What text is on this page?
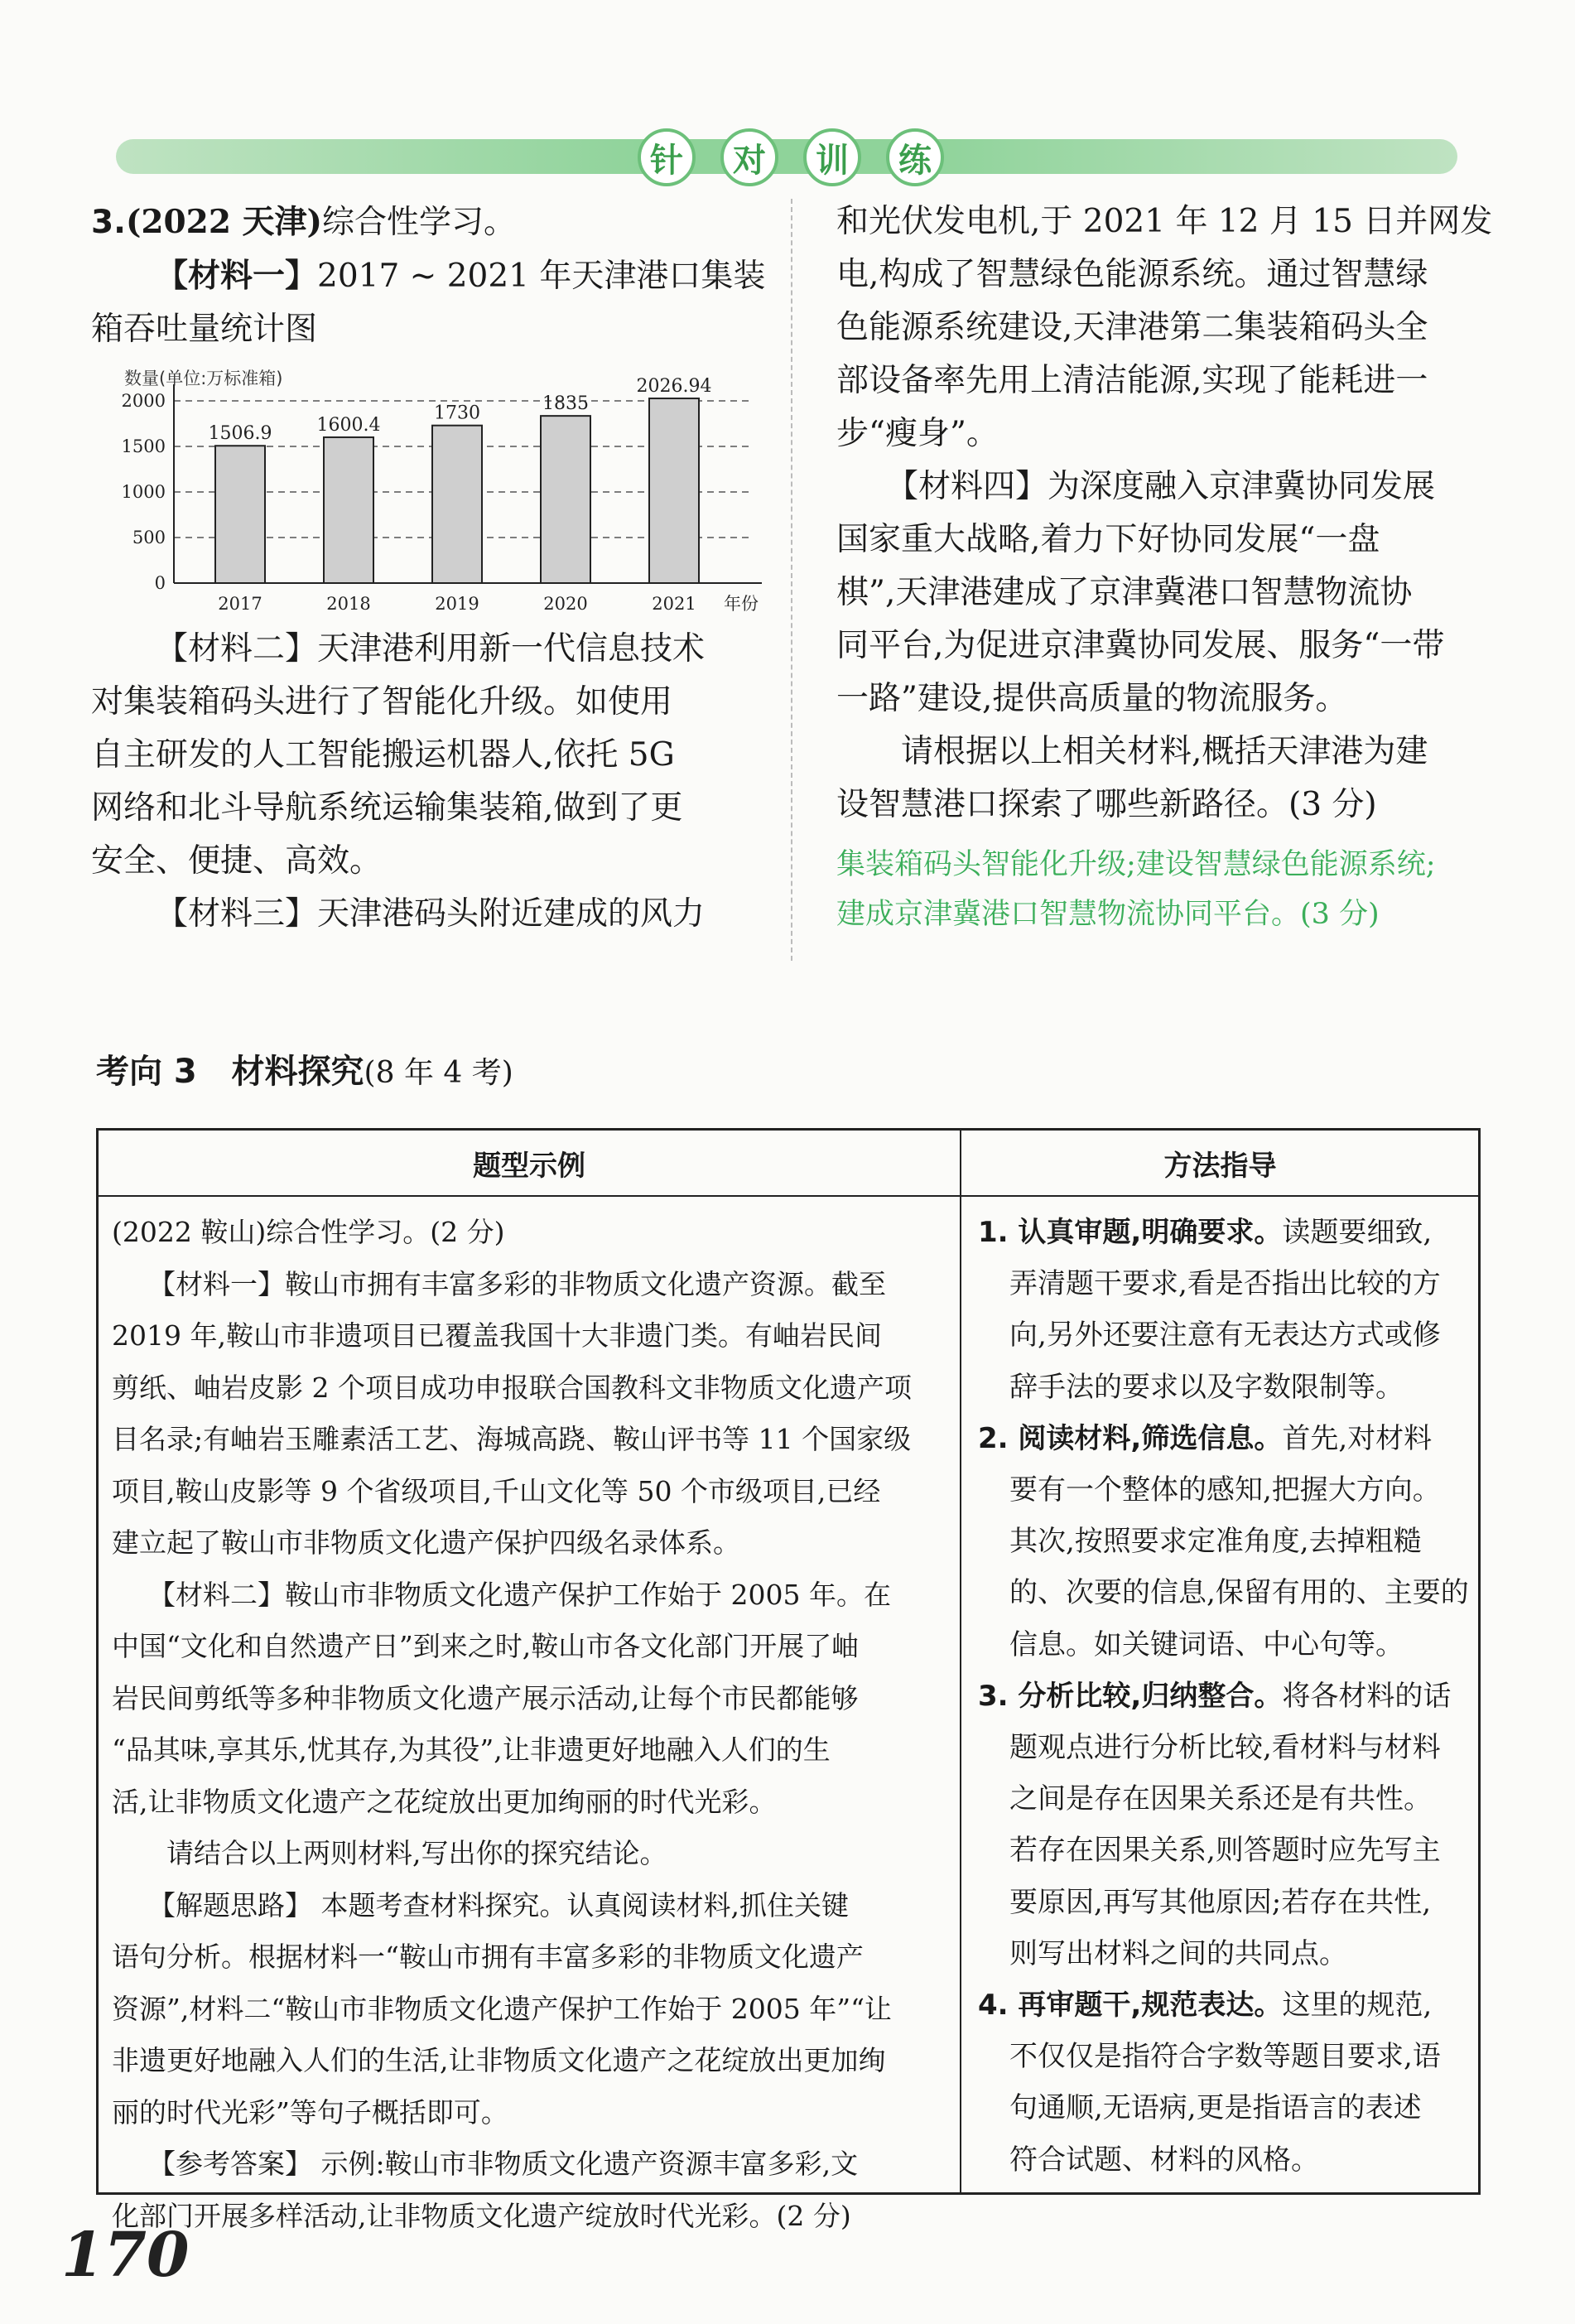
针	对	训	练
3.(2022 天津)综合性学习。
【材料一】2017 ~ 2021 年天津港口集装
箱吞吐量统计图
数量(单位:万标准箱)
0
500
1000
1500
2000
1506.9
2017
1600.4
2018
1730
2019
1835
2020
2026.94
2021 年份
【材料二】天津港利用新一代信息技术
对集装箱码头进行了智能化升级。如使用
自主研发的人工智能搬运机器人,依托 5G
网络和北斗导航系统运输集装箱,做到了更
安全、便捷、高效。
【材料三】天津港码头附近建成的风力
和光伏发电机,于 2021 年 12 月 15 日并网发
电,构成了智慧绿色能源系统。通过智慧绿
色能源系统建设,天津港第二集装箱码头全
部设备率先用上清洁能源,实现了能耗进一
步“瘦身”。
【材料四】为深度融入京津冀协同发展
国家重大战略,着力下好协同发展“一盘
棋”,天津港建成了京津冀港口智慧物流协
同平台,为促进京津冀协同发展、服务“一带
一路”建设,提供高质量的物流服务。
请根据以上相关材料,概括天津港为建
设智慧港口探索了哪些新路径。(3 分)
集装箱码头智能化升级;建设智慧绿色能源系统;
建成京津冀港口智慧物流协同平台。(3 分)
考向 3 材料探究(8 年 4 考)
题型示例	方法指导
(2022 鞍山)综合性学习。(2 分)
【材料一】鞍山市拥有丰富多彩的非物质文化遗产资源。截至
2019 年,鞍山市非遗项目已覆盖我国十大非遗门类。有岫岩民间
剪纸、岫岩皮影 2 个项目成功申报联合国教科文非物质文化遗产项
目名录;有岫岩玉雕素活工艺、海城高跷、鞍山评书等 11 个国家级
项目,鞍山皮影等 9 个省级项目,千山文化等 50 个市级项目,已经
建立起了鞍山市非物质文化遗产保护四级名录体系。
【材料二】鞍山市非物质文化遗产保护工作始于 2005 年。在
中国“文化和自然遗产日”到来之时,鞍山市各文化部门开展了岫
岩民间剪纸等多种非物质文化遗产展示活动,让每个市民都能够
“品其味,享其乐,忧其存,为其役”,让非遗更好地融入人们的生
活,让非物质文化遗产之花绽放出更加绚丽的时代光彩。
请结合以上两则材料,写出你的探究结论。
【解题思路】 本题考查材料探究。认真阅读材料,抓住关键
语句分析。根据材料一“鞍山市拥有丰富多彩的非物质文化遗产
资源”,材料二“鞍山市非物质文化遗产保护工作始于 2005 年”“让
非遗更好地融入人们的生活,让非物质文化遗产之花绽放出更加绚
丽的时代光彩”等句子概括即可。
【参考答案】 示例:鞍山市非物质文化遗产资源丰富多彩,文
化部门开展多样活动,让非物质文化遗产绽放时代光彩。(2 分)
1. 认真审题,明确要求。读题要细致,
弄清题干要求,看是否指出比较的方
向,另外还要注意有无表达方式或修
辞手法的要求以及字数限制等。
2. 阅读材料,筛选信息。首先,对材料
要有一个整体的感知,把握大方向。
其次,按照要求定准角度,去掉粗糙
的、次要的信息,保留有用的、主要的
信息。如关键词语、中心句等。
3. 分析比较,归纳整合。将各材料的话
题观点进行分析比较,看材料与材料
之间是存在因果关系还是有共性。
若存在因果关系,则答题时应先写主
要原因,再写其他原因;若存在共性,
则写出材料之间的共同点。
4. 再审题干,规范表达。这里的规范,
不仅仅是指符合字数等题目要求,语
句通顺,无语病,更是指语言的表述
符合试题、材料的风格。
170
